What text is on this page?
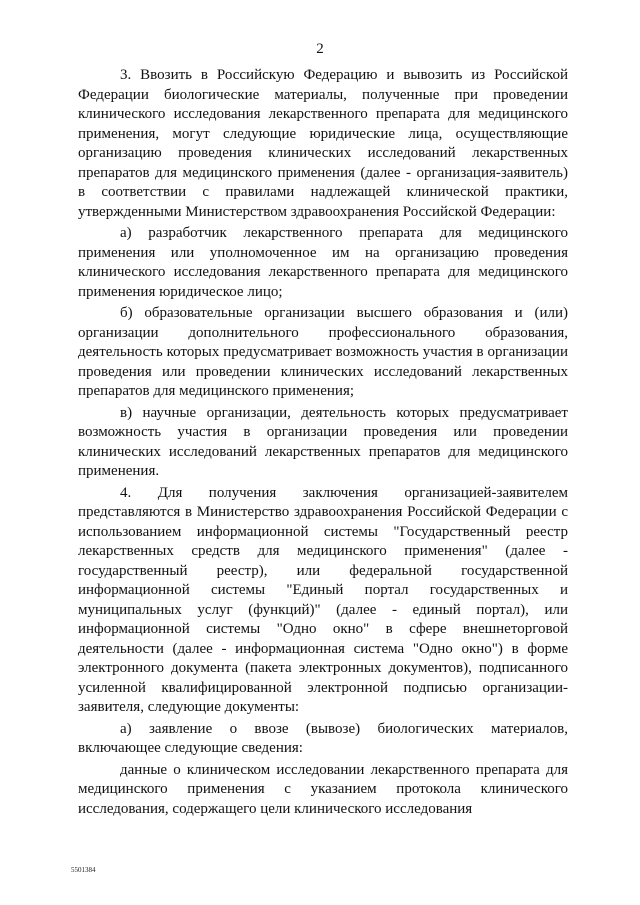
2

3. Ввозить в Российскую Федерацию и вывозить из Российской Федерации биологические материалы, полученные при проведении клинического исследования лекарственного препарата для медицинского применения, могут следующие юридические лица, осуществляющие организацию проведения клинических исследований лекарственных препаратов для медицинского применения (далее - организация-заявитель) в соответствии с правилами надлежащей клинической практики, утвержденными Министерством здравоохранения Российской Федерации:

а) разработчик лекарственного препарата для медицинского применения или уполномоченное им на организацию проведения клинического исследования лекарственного препарата для медицинского применения юридическое лицо;

б) образовательные организации высшего образования и (или) организации дополнительного профессионального образования, деятельность которых предусматривает возможность участия в организации проведения или проведении клинических исследований лекарственных препаратов для медицинского применения;

в) научные организации, деятельность которых предусматривает возможность участия в организации проведения или проведении клинических исследований лекарственных препаратов для медицинского применения.

4. Для получения заключения организацией-заявителем представляются в Министерство здравоохранения Российской Федерации с использованием информационной системы "Государственный реестр лекарственных средств для медицинского применения" (далее - государственный реестр), или федеральной государственной информационной системы "Единый портал государственных и муниципальных услуг (функций)" (далее - единый портал), или информационной системы "Одно окно" в сфере внешнеторговой деятельности (далее - информационная система "Одно окно") в форме электронного документа (пакета электронных документов), подписанного усиленной квалифицированной электронной подписью организации-заявителя, следующие документы:

а) заявление о ввозе (вывозе) биологических материалов, включающее следующие сведения:

данные о клиническом исследовании лекарственного препарата для медицинского применения с указанием протокола клинического исследования, содержащего цели клинического исследования

5501384
